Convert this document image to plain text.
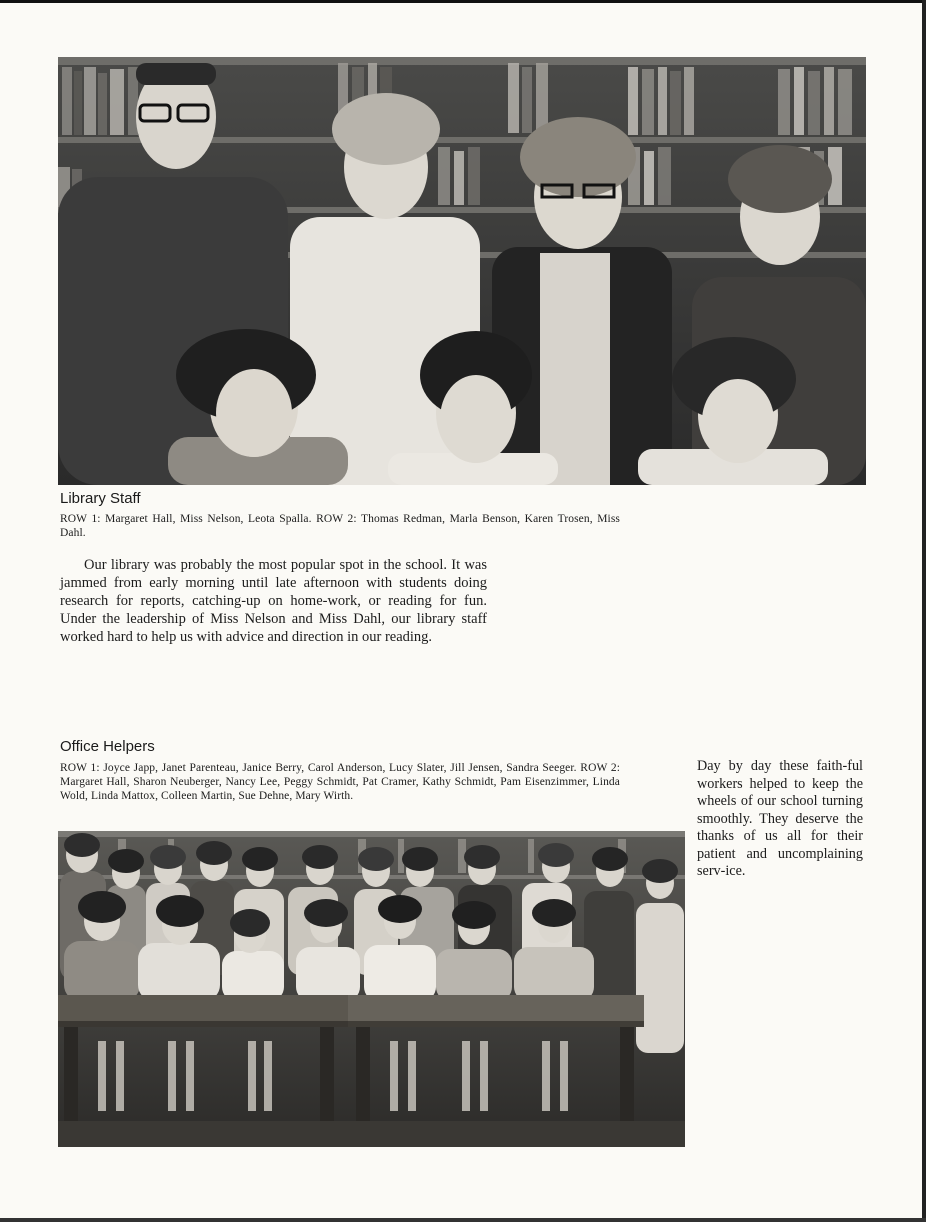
Library Staff

ROW 1: Margaret Hall, Miss Nelson, Leota Spalla. ROW 2: Thomas Redman, Marla Benson, Karen Trosen, Miss Dahl.

Our library was probably the most popular spot in the school. It was jammed from early morning until late afternoon with students doing research for reports, catching-up on home-work, or reading for fun. Under the leadership of Miss Nelson and Miss Dahl, our library staff worked hard to help us with advice and direction in our reading.

Office Helpers

ROW 1: Joyce Japp, Janet Parenteau, Janice Berry, Carol Anderson, Lucy Slater, Jill Jensen, Sandra Seeger. ROW 2: Margaret Hall, Sharon Neuberger, Nancy Lee, Peggy Schmidt, Pat Cramer, Kathy Schmidt, Pam Eisenzimmer, Linda Wold, Linda Mattox, Colleen Martin, Sue Dehne, Mary Wirth.

Day by day these faith-ful workers helped to keep the wheels of our school turning smoothly. They deserve the thanks of us all for their patient and uncomplaining serv-ice.
